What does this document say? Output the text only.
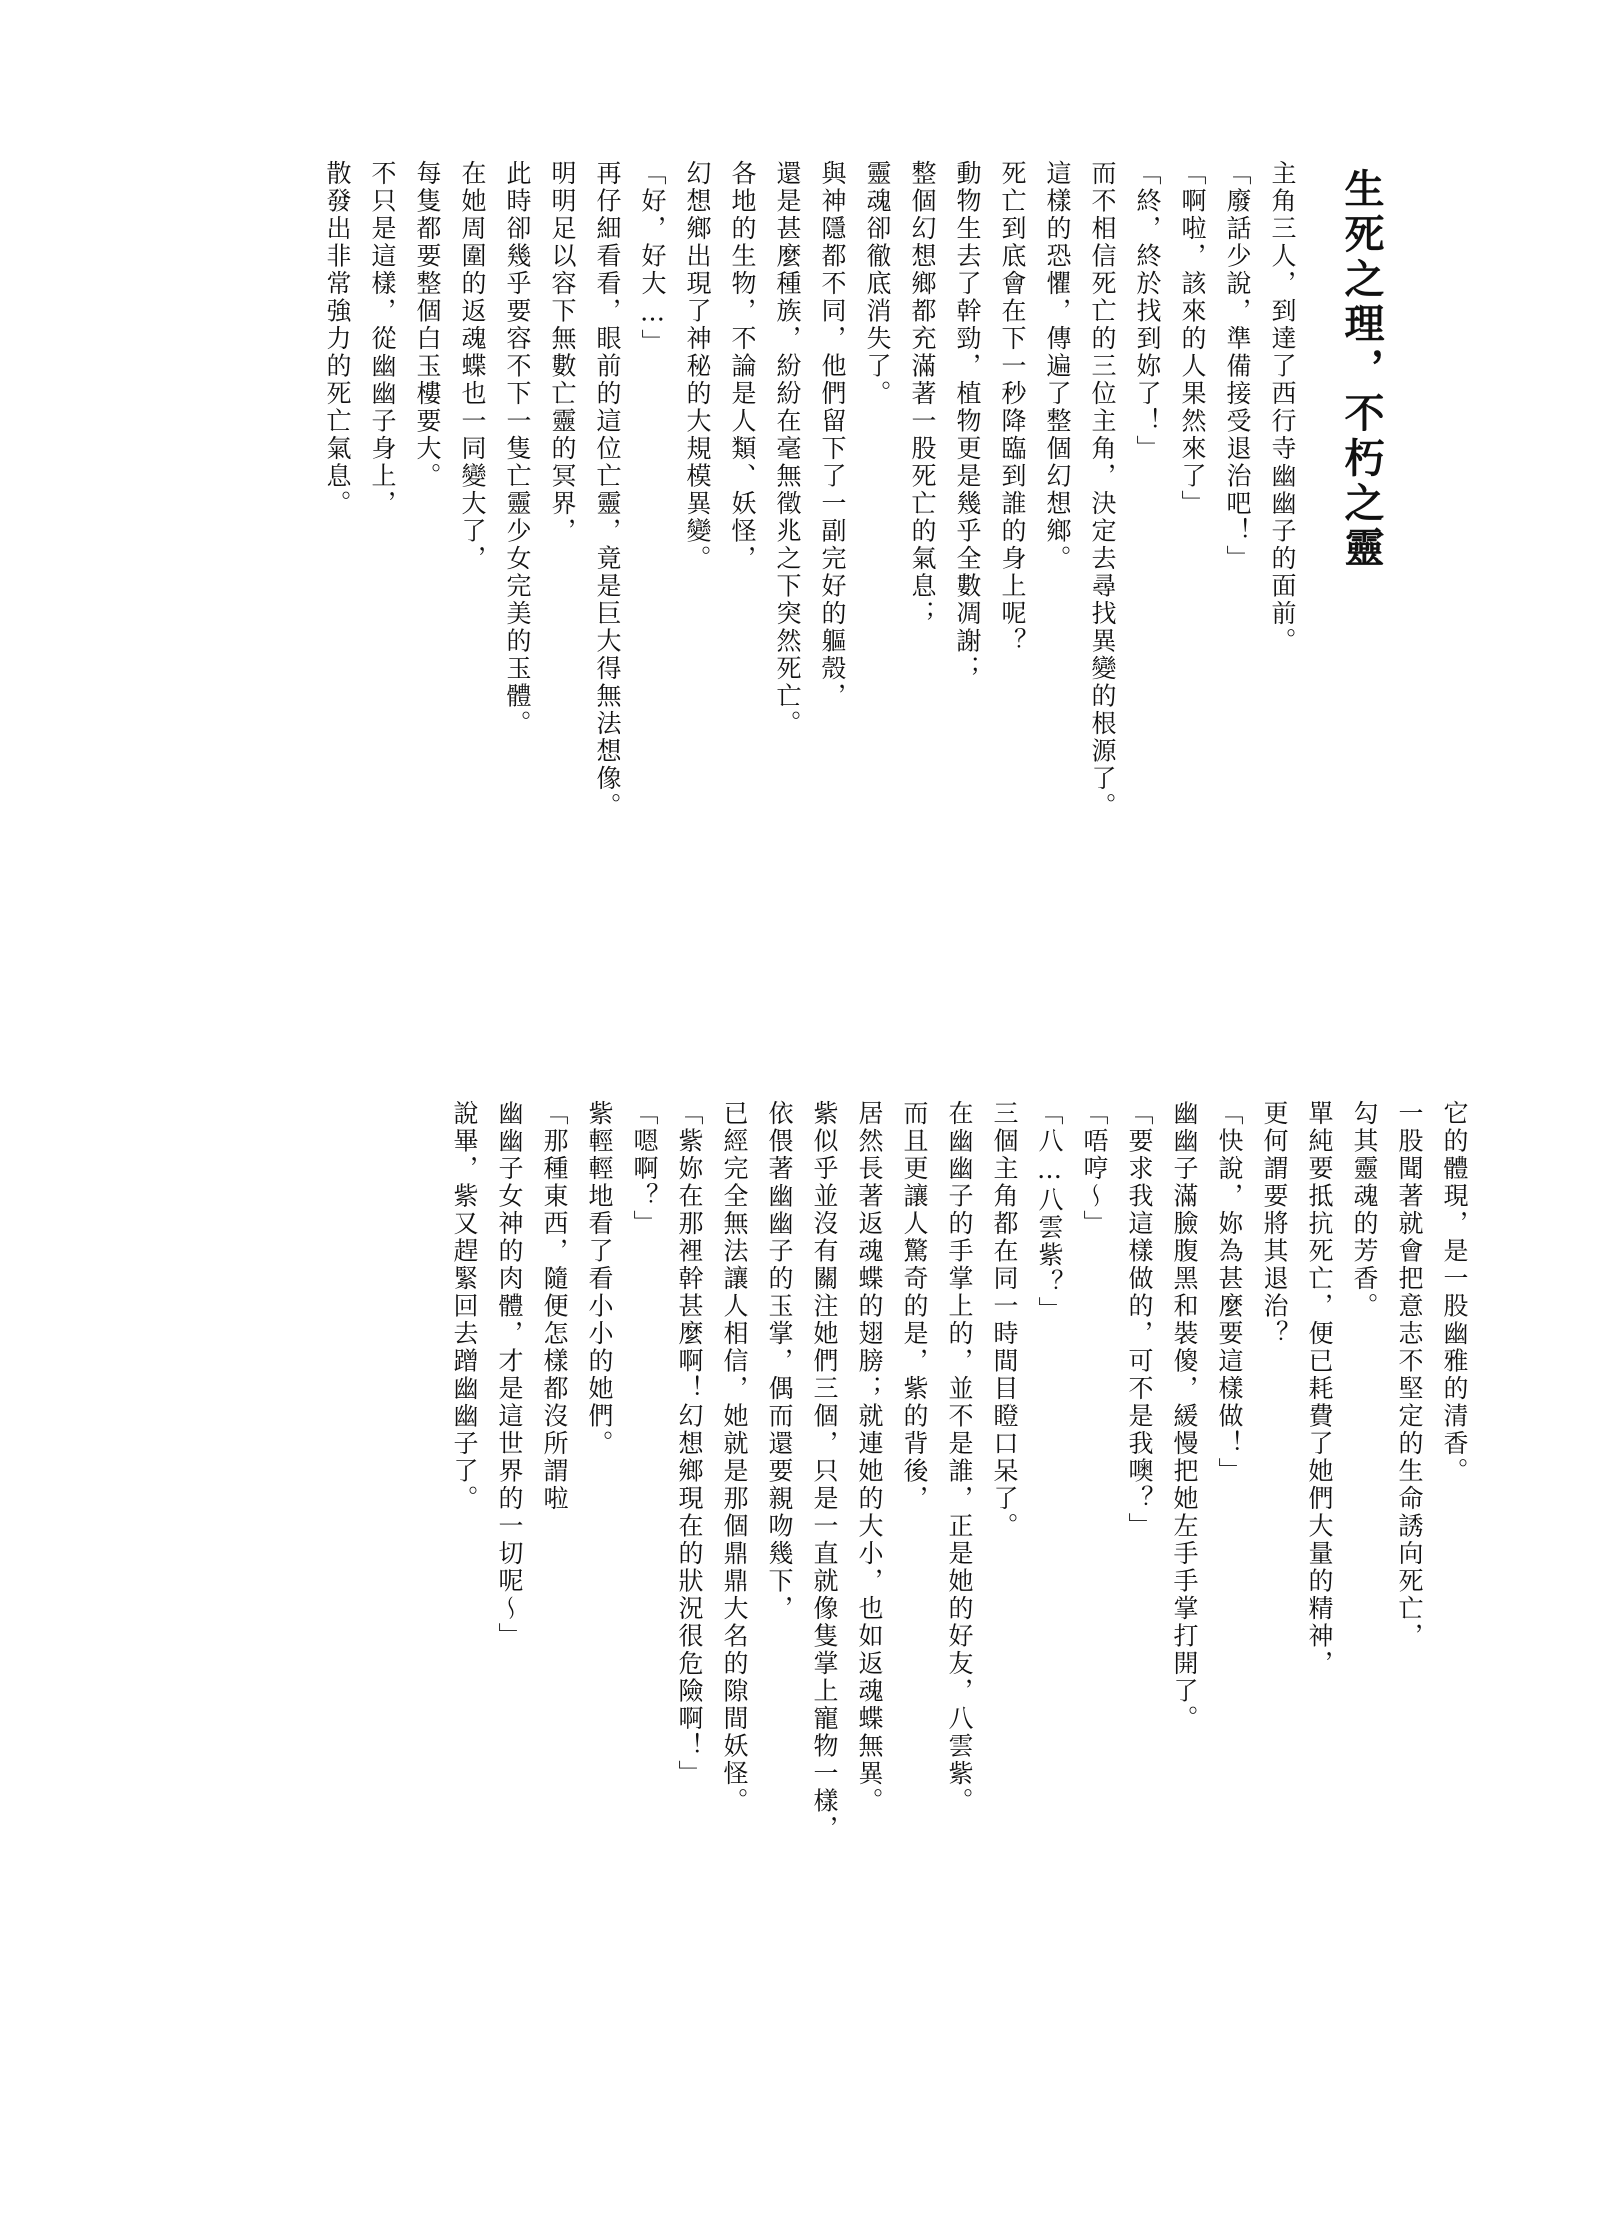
生死之理，不朽之靈
主角三人，到達了西行寺幽幽子的面前。
「廢話少說，準備接受退治吧！」
「啊啦，該來的人果然來了」
「終，終於找到妳了！」
而不相信死亡的三位主角，決定去尋找異變的根源了。
這樣的恐懼，傳遍了整個幻想鄉。
死亡到底會在下一秒降臨到誰的身上呢？
動物生去了幹勁，植物更是幾乎全數凋謝；
整個幻想鄉都充滿著一股死亡的氣息；
靈魂卻徹底消失了。
與神隱都不同，他們留下了一副完好的軀殼，
還是甚麼種族，紛紛在毫無徵兆之下突然死亡。
各地的生物，不論是人類、妖怪，
幻想鄉出現了神秘的大規模異變。
「好，好大…」
再仔細看看，眼前的這位亡靈，竟是巨大得無法想像。
明明足以容下無數亡靈的冥界，
此時卻幾乎要容不下一隻亡靈少女完美的玉體。
在她周圍的返魂蝶也一同變大了，
每隻都要整個白玉樓要大。
不只是這樣，從幽幽子身上，
散發出非常強力的死亡氣息。
它的體現，是一股幽雅的清香。
一股聞著就會把意志不堅定的生命誘向死亡，
勾其靈魂的芳香。
單純要抵抗死亡，便已耗費了她們大量的精神，
更何謂要將其退治？
「快說，妳為甚麼要這樣做！」
幽幽子滿臉腹黑和裝傻，緩慢把她左手手掌打開了。
「要求我這樣做的，可不是我噢？」
「唔哼～」
「八…八雲紫？」
三個主角都在同一時間目瞪口呆了。
在幽幽子的手掌上的，並不是誰，正是她的好友，八雲紫。
而且更讓人驚奇的是，紫的背後，
居然長著返魂蝶的翅膀；就連她的大小，也如返魂蝶無異。
紫似乎並沒有關注她們三個，只是一直就像隻掌上寵物一樣，
依偎著幽幽子的玉掌，偶而還要親吻幾下，
已經完全無法讓人相信，她就是那個鼎鼎大名的隙間妖怪。
「紫妳在那裡幹甚麼啊！幻想鄉現在的狀況很危險啊！」
「嗯啊？」
紫輕輕地看了看小小的她們。
「那種東西，隨便怎樣都沒所謂啦
幽幽子女神的肉體，才是這世界的一切呢～」
說畢，紫又趕緊回去蹭幽幽子了。
